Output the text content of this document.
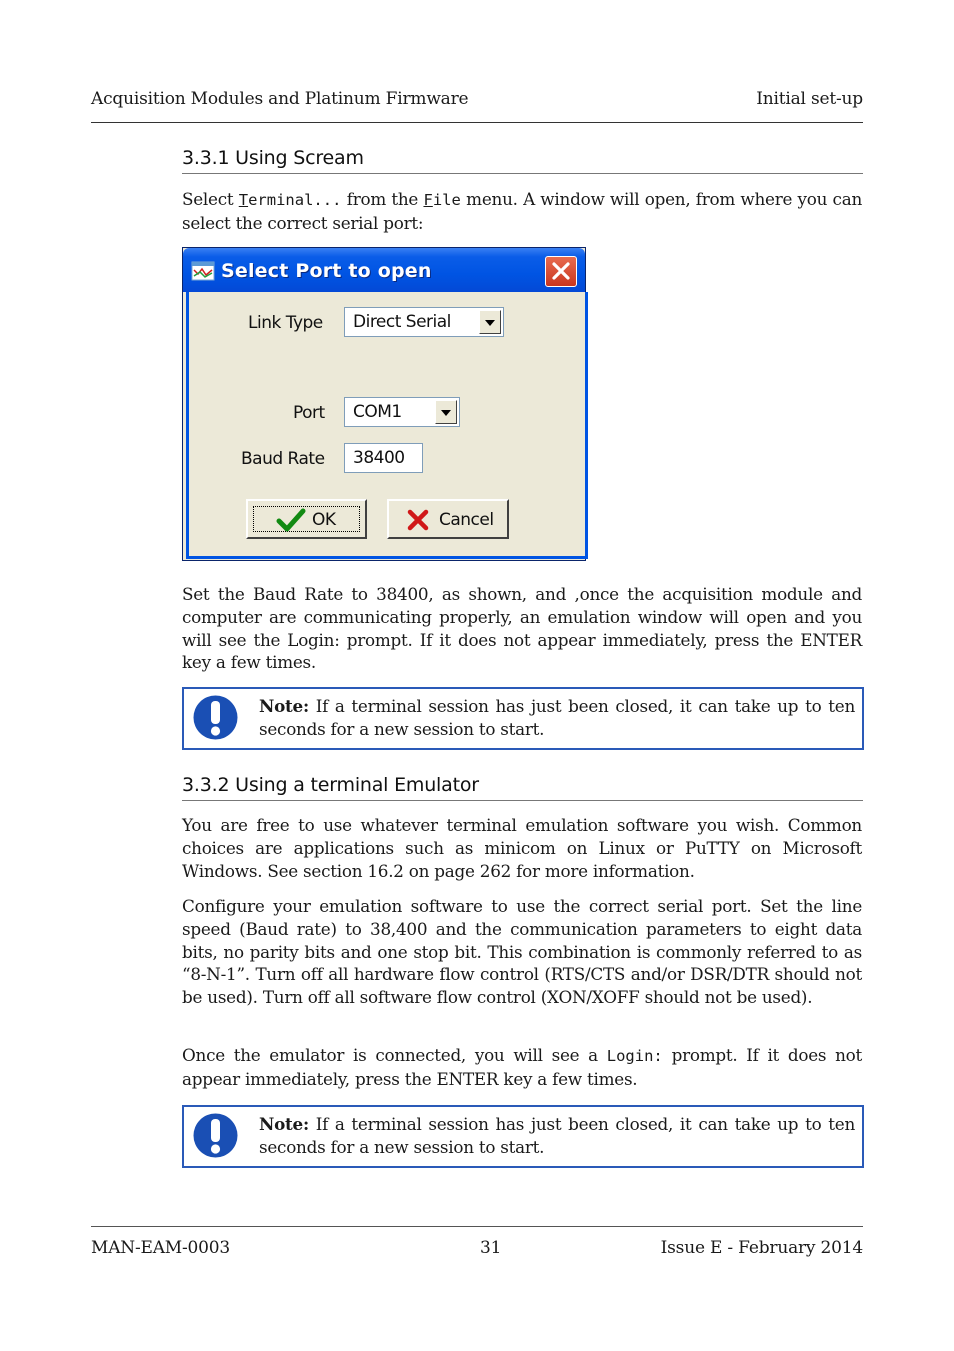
Acquisition Modules and Platinum Firmware	Initial set-up
3.3.1 Using Scream

Select Terminal... from the File menu. A window will open, from where you can select the correct serial port:

Select Port to open
Link Type Direct Serial
Port COM1
Baud Rate 38400
OK	Cancel

Set the Baud Rate to 38400, as shown, and ,once the acquisition module and computer are communicating properly, an emulation window will open and you will see the Login: prompt. If it does not appear immediately, press the ENTER key a few times.

Note: If a terminal session has just been closed, it can take up to ten seconds for a new session to start.
3.3.2 Using a terminal Emulator

You are free to use whatever terminal emulation software you wish. Common choices are applications such as minicom on Linux or PuTTY on Microsoft Windows. See section 16.2 on page 262 for more information.

Configure your emulation software to use the correct serial port. Set the line speed (Baud rate) to 38,400 and the communication parameters to eight data bits, no parity bits and one stop bit. This combination is commonly referred to as “8-N-1”. Turn off all hardware flow control (RTS/CTS and/or DSR/DTR should not be used). Turn off all software flow control (XON/XOFF should not be used).

Once the emulator is connected, you will see a Login: prompt. If it does not appear immediately, press the ENTER key a few times.

Note: If a terminal session has just been closed, it can take up to ten seconds for a new session to start.
MAN-EAM-0003	31	Issue E - February 2014
